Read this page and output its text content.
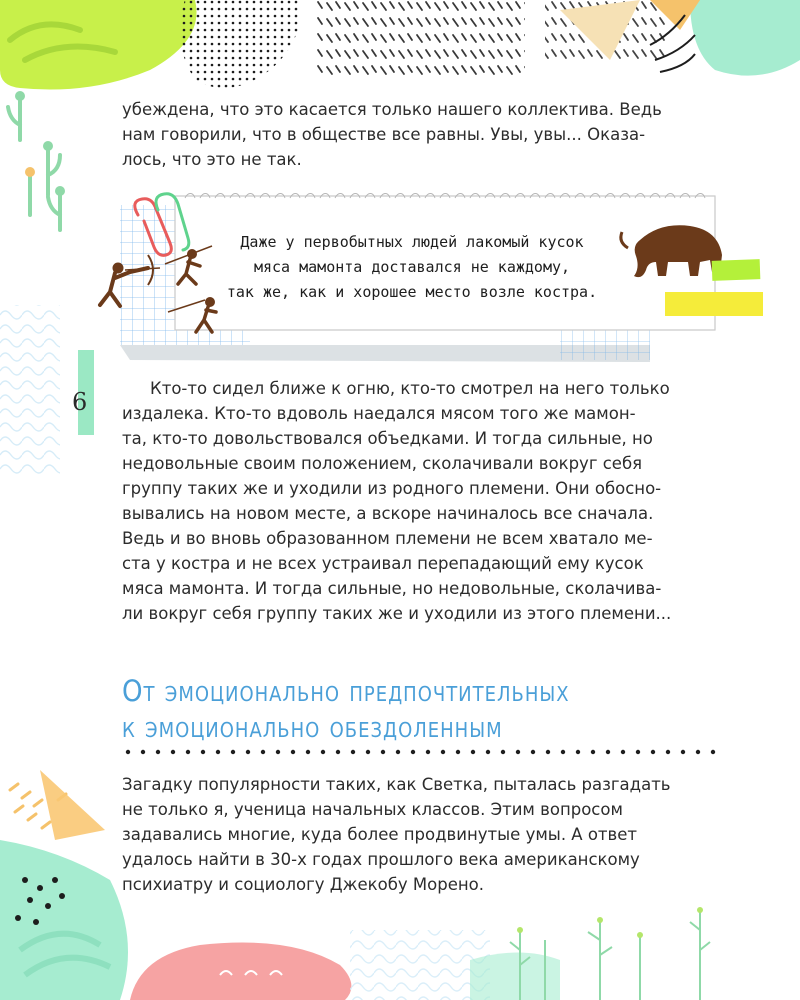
6
убеждена, что это касается только нашего коллектива. Ведь
нам говорили, что в обществе все равны. Увы, увы... Оказа-
лось, что это не так.
Даже у первобытных людей лакомый кусок
мяса мамонта доставался не каждому,
так же, как и хорошее место возле костра.
Кто-то сидел ближе к огню, кто-то смотрел на него только
издалека. Кто-то вдоволь наедался мясом того же мамон-
та, кто-то довольствовался объедками. И тогда сильные, но
недовольные своим положением, сколачивали вокруг себя
группу таких же и уходили из родного племени. Они обосно-
вывались на новом месте, а вскоре начиналось все сначала.
Ведь и во вновь образованном племени не всем хватало ме-
ста у костра и не всех устраивал перепадающий ему кусок
мяса мамонта. И тогда сильные, но недовольные, сколачива-
ли вокруг себя группу таких же и уходили из этого племени...
От эмоционально предпочтительных
к эмоционально обездоленным
Загадку популярности таких, как Светка, пыталась разгадать
не только я, ученица начальных классов. Этим вопросом
задавались многие, куда более продвинутые умы. А ответ
удалось найти в 30-х годах прошлого века американскому
психиатру и социологу Джекобу Морено.
